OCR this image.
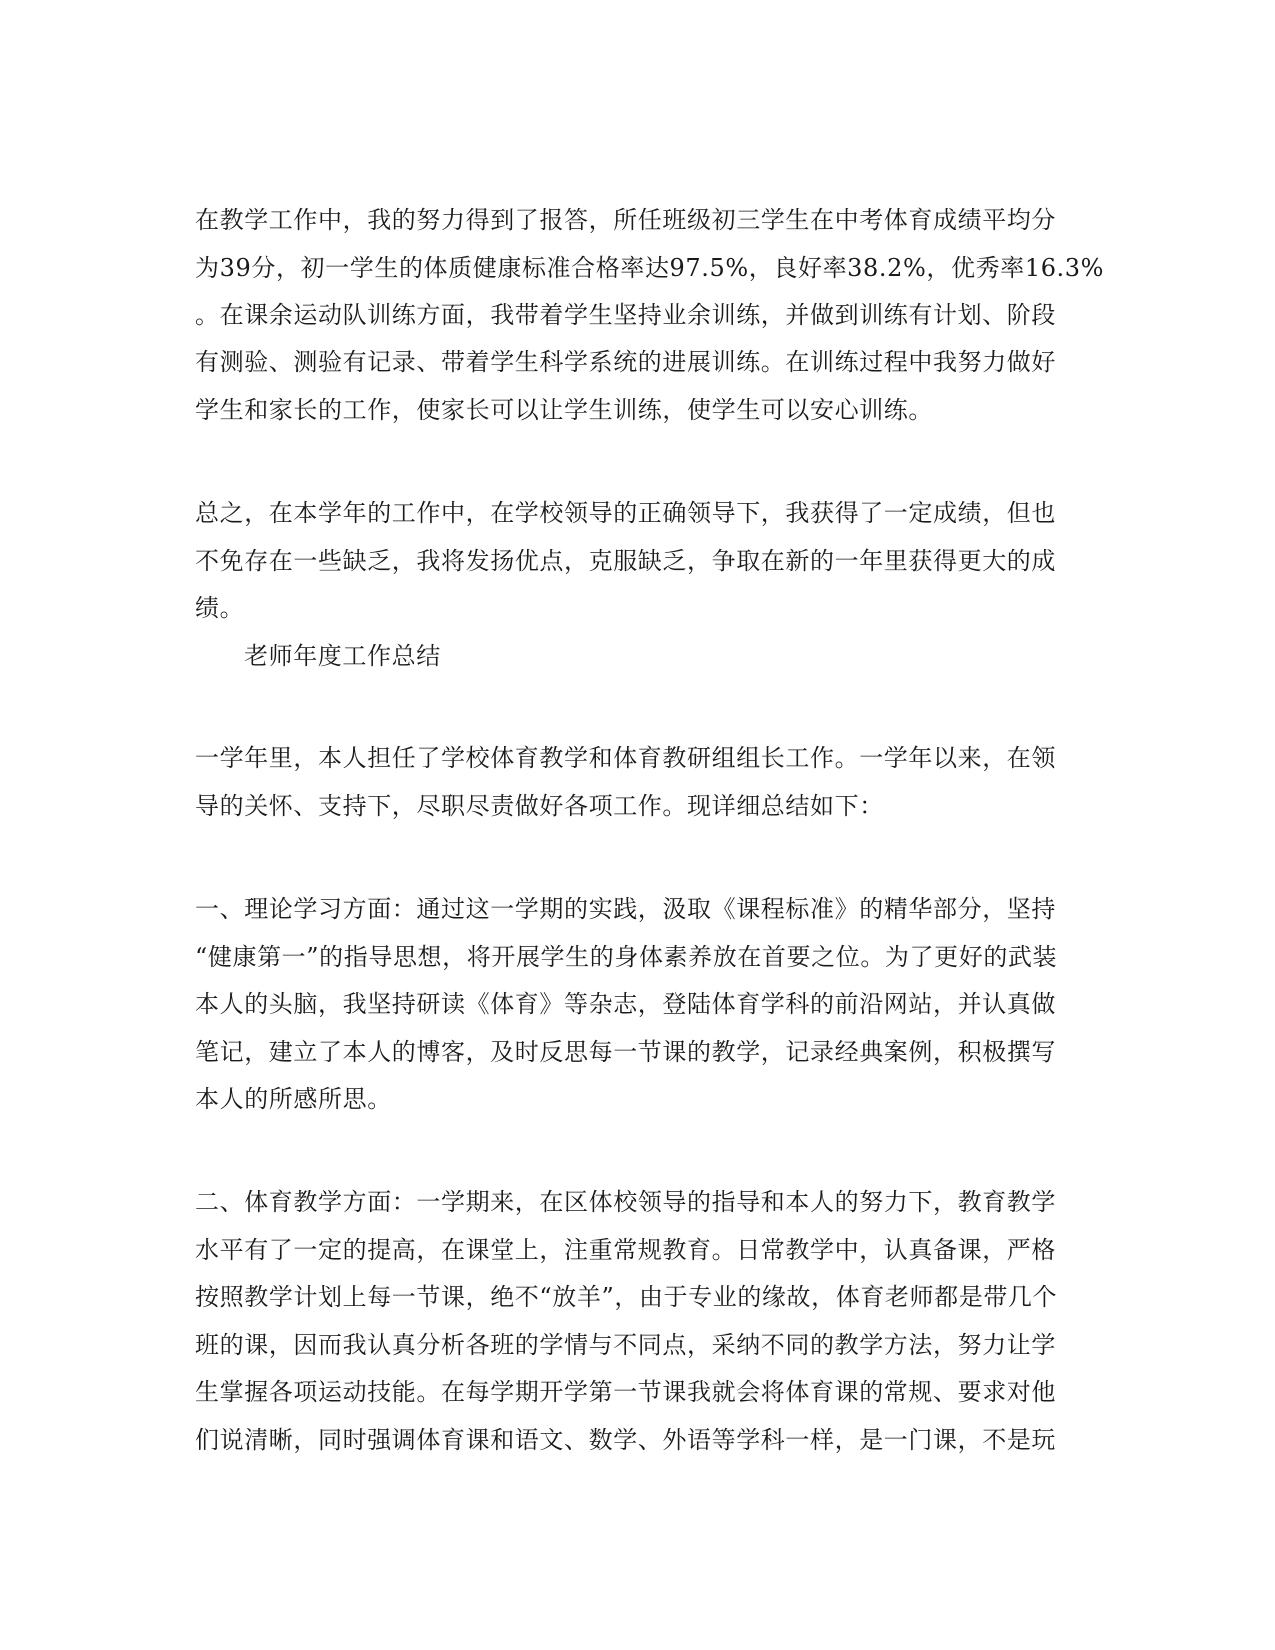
在教学工作中，我的努力得到了报答，所任班级初三学生在中考体育成绩平均分
为39分，初一学生的体质健康标准合格率达97.5%，良好率38.2%，优秀率16.3%
。在课余运动队训练方面，我带着学生坚持业余训练，并做到训练有计划、阶段
有测验、测验有记录、带着学生科学系统的进展训练。在训练过程中我努力做好
学生和家长的工作，使家长可以让学生训练，使学生可以安心训练。
总之，在本学年的工作中，在学校领导的正确领导下，我获得了一定成绩，但也
不免存在一些缺乏，我将发扬优点，克服缺乏，争取在新的一年里获得更大的成
绩。
老师年度工作总结
一学年里，本人担任了学校体育教学和体育教研组组长工作。一学年以来，在领
导的关怀、支持下，尽职尽责做好各项工作。现详细总结如下：
一、理论学习方面：通过这一学期的实践，汲取《课程标准》的精华部分，坚持
“健康第一”的指导思想，将开展学生的身体素养放在首要之位。为了更好的武装
本人的头脑，我坚持研读《体育》等杂志，登陆体育学科的前沿网站，并认真做
笔记，建立了本人的博客，及时反思每一节课的教学，记录经典案例，积极撰写
本人的所感所思。
二、体育教学方面：一学期来，在区体校领导的指导和本人的努力下，教育教学
水平有了一定的提高，在课堂上，注重常规教育。日常教学中，认真备课，严格
按照教学计划上每一节课，绝不“放羊”，由于专业的缘故，体育老师都是带几个
班的课，因而我认真分析各班的学情与不同点，采纳不同的教学方法，努力让学
生掌握各项运动技能。在每学期开学第一节课我就会将体育课的常规、要求对他
们说清晰，同时强调体育课和语文、数学、外语等学科一样，是一门课，不是玩
